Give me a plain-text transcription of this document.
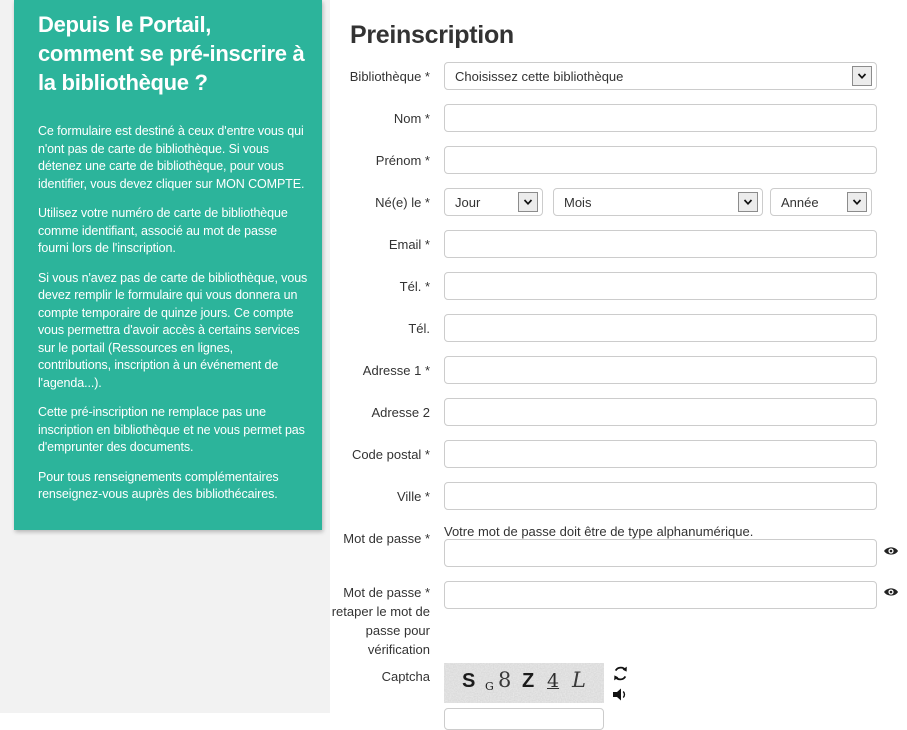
Depuis le Portail, comment se pré-inscrire à la bibliothèque ?

Ce formulaire est destiné à ceux d'entre vous qui n'ont pas de carte de bibliothèque. Si vous détenez une carte de bibliothèque, pour vous identifier, vous devez cliquer sur MON COMPTE.

Utilisez votre numéro de carte de bibliothèque comme identifiant, associé au mot de passe fourni lors de l'inscription.

Si vous n'avez pas de carte de bibliothèque, vous devez remplir le formulaire qui vous donnera un compte temporaire de quinze jours. Ce compte vous permettra d'avoir accès à certains services sur le portail (Ressources en lignes, contributions, inscription à un événement de l'agenda...).

Cette pré-inscription ne remplace pas une inscription en bibliothèque et ne vous permet pas d'emprunter des documents.

Pour tous renseignements complémentaires renseignez-vous auprès des bibliothécaires.

Preinscription
Bibliothèque * Choisissez cette bibliothèque
Nom *
Prénom *
Né(e) le * Jour	Mois	Année
Email *
Tél. *
Tél.
Adresse 1 *
Adresse 2
Code postal *
Ville *
Mot de passe * Votre mot de passe doit être de type alphanumérique.
Mot de passe * retaper le mot de passe pour vérification
Captcha S G 8 Z 4 L
